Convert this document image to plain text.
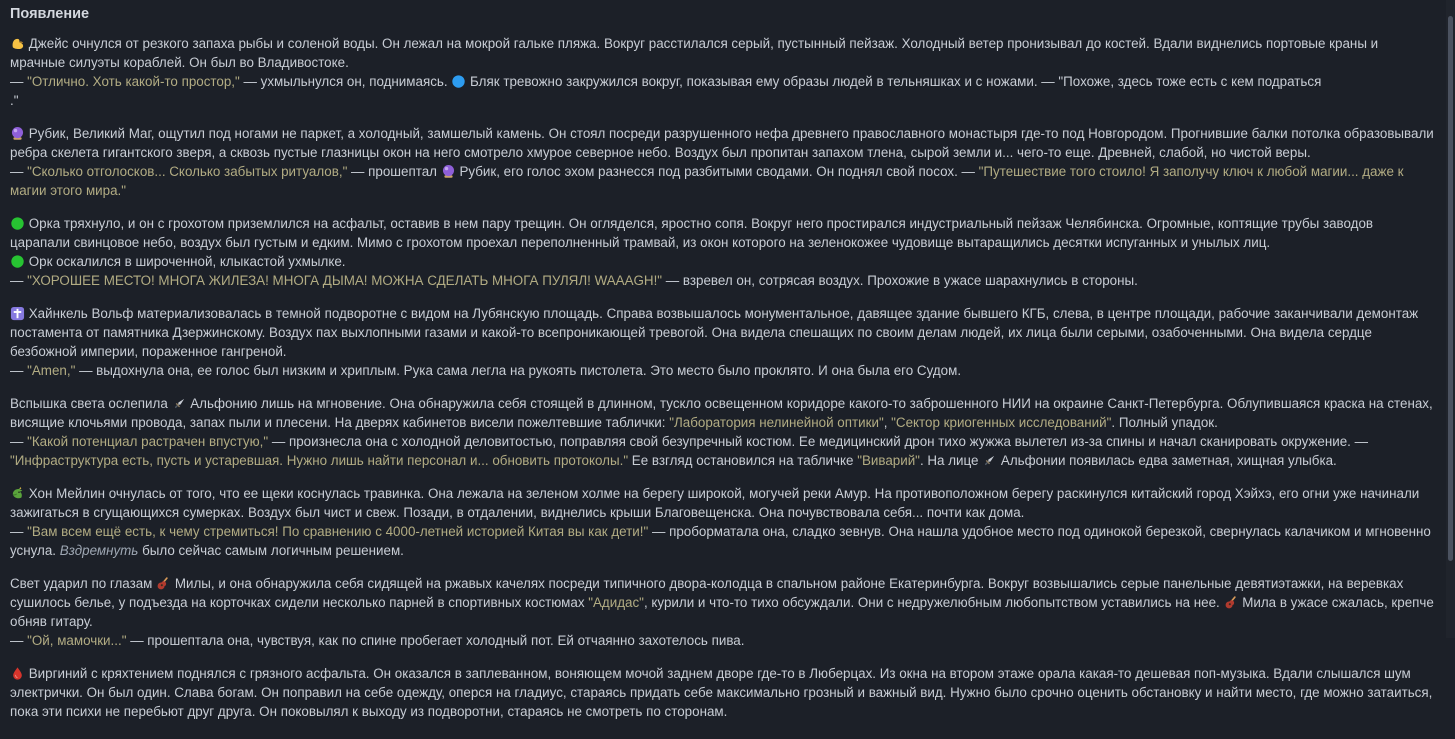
Появление

Джейс очнулся от резкого запаха рыбы и соленой воды. Он лежал на мокрой гальке пляжа. Вокруг расстилался серый, пустынный пейзаж. Холодный ветер пронизывал до костей. Вдали виднелись портовые краны и мрачные силуэты кораблей. Он был во Владивостоке.
— "Отлично. Хоть какой-то простор," — ухмыльнулся он, поднимаясь.
Бляк тревожно закружился вокруг, показывая ему образы людей в тельняшках и с ножами. — "Похоже, здесь тоже есть с кем подраться
."

Рубик, Великий Маг, ощутил под ногами не паркет, а холодный, замшелый камень. Он стоял посреди разрушенного нефа древнего православного монастыря где-то под Новгородом. Прогнившие балки потолка образовывали ребра скелета гигантского зверя, а сквозь пустые глазницы окон на него смотрело хмурое северное небо. Воздух был пропитан запахом тлена, сырой земли и... чего-то еще. Древней, слабой, но чистой веры.
— "Сколько отголосков... Сколько забытых ритуалов," — прошептал
Рубик, его голос эхом разнесся под разбитыми сводами. Он поднял свой посох. — "Путешествие того стоило! Я заполучу ключ к любой магии... даже к магии этого мира."

Орка тряхнуло, и он с грохотом приземлился на асфальт, оставив в нем пару трещин. Он огляделся, яростно сопя. Вокруг него простирался индустриальный пейзаж Челябинска. Огромные, коптящие трубы заводов царапали свинцовое небо, воздух был густым и едким. Мимо с грохотом проехал переполненный трамвай, из окон которого на зеленокожее чудовище вытаращились десятки испуганных и унылых лиц.

Орк оскалился в широченной, клыкастой ухмылке.
— "ХОРОШЕЕ МЕСТО! МНОГА ЖИЛЕЗА! МНОГА ДЫМА! МОЖНА СДЕЛАТЬ МНОГА ПУЛЯЛ! WAAAGH!" — взревел он, сотрясая воздух. Прохожие в ужасе шарахнулись в стороны.

Хайнкель Вольф материализовалась в темной подворотне с видом на Лубянскую площадь. Справа возвышалось монументальное, давящее здание бывшего КГБ, слева, в центре площади, рабочие заканчивали демонтаж постамента от памятника Дзержинскому. Воздух пах выхлопными газами и какой-то всепроникающей тревогой. Она видела спешащих по своим делам людей, их лица были серыми, озабоченными. Она видела сердце безбожной империи, пораженное гангреной.
— "Amen," — выдохнула она, ее голос был низким и хриплым. Рука сама легла на рукоять пистолета. Это место было проклято. И она была его Судом.

Вспышка света ослепила
Альфонию лишь на мгновение. Она обнаружила себя стоящей в длинном, тускло освещенном коридоре какого-то заброшенного НИИ на окраине Санкт-Петербурга. Облупившаяся краска на стенах, висящие клочьями провода, запах пыли и плесени. На дверях кабинетов висели пожелтевшие таблички: "Лаборатория нелинейной оптики", "Сектор криогенных исследований". Полный упадок.
— "Какой потенциал растрачен впустую," — произнесла она с холодной деловитостью, поправляя свой безупречный костюм. Ее медицинский дрон тихо жужжа вылетел из-за спины и начал сканировать окружение. — "Инфраструктура есть, пусть и устаревшая. Нужно лишь найти персонал и... обновить протоколы." Ее взгляд остановился на табличке "Виварий". На лице
Альфонии появилась едва заметная, хищная улыбка.

Хон Мейлин очнулась от того, что ее щеки коснулась травинка. Она лежала на зеленом холме на берегу широкой, могучей реки Амур. На противоположном берегу раскинулся китайский город Хэйхэ, его огни уже начинали зажигаться в сгущающихся сумерках. Воздух был чист и свеж. Позади, в отдалении, виднелись крыши Благовещенска. Она почувствовала себя... почти как дома.
— "Вам всем ещё есть, к чему стремиться! По сравнению с 4000-летней историей Китая вы как дети!" — проборматала она, сладко зевнув. Она нашла удобное место под одинокой березкой, свернулась калачиком и мгновенно уснула. Вздремнуть было сейчас самым логичным решением.

Свет ударил по глазам
Милы, и она обнаружила себя сидящей на ржавых качелях посреди типичного двора-колодца в спальном районе Екатеринбурга. Вокруг возвышались серые панельные девятиэтажки, на веревках сушилось белье, у подъезда на корточках сидели несколько парней в спортивных костюмах "Адидас", курили и что-то тихо обсуждали. Они с недружелюбным любопытством уставились на нее.
Мила в ужасе сжалась, крепче обняв гитару.
— "Ой, мамочки..." — прошептала она, чувствуя, как по спине пробегает холодный пот. Ей отчаянно захотелось пива.

Виргиний с кряхтением поднялся с грязного асфальта. Он оказался в заплеванном, воняющем мочой заднем дворе где-то в Люберцах. Из окна на втором этаже орала какая-то дешевая поп-музыка. Вдали слышался шум электрички. Он был один. Слава богам. Он поправил на себе одежду, оперся на гладиус, стараясь придать себе максимально грозный и важный вид. Нужно было срочно оценить обстановку и найти место, где можно затаиться, пока эти психи не перебьют друг друга. Он поковылял к выходу из подворотни, стараясь не смотреть по сторонам.
